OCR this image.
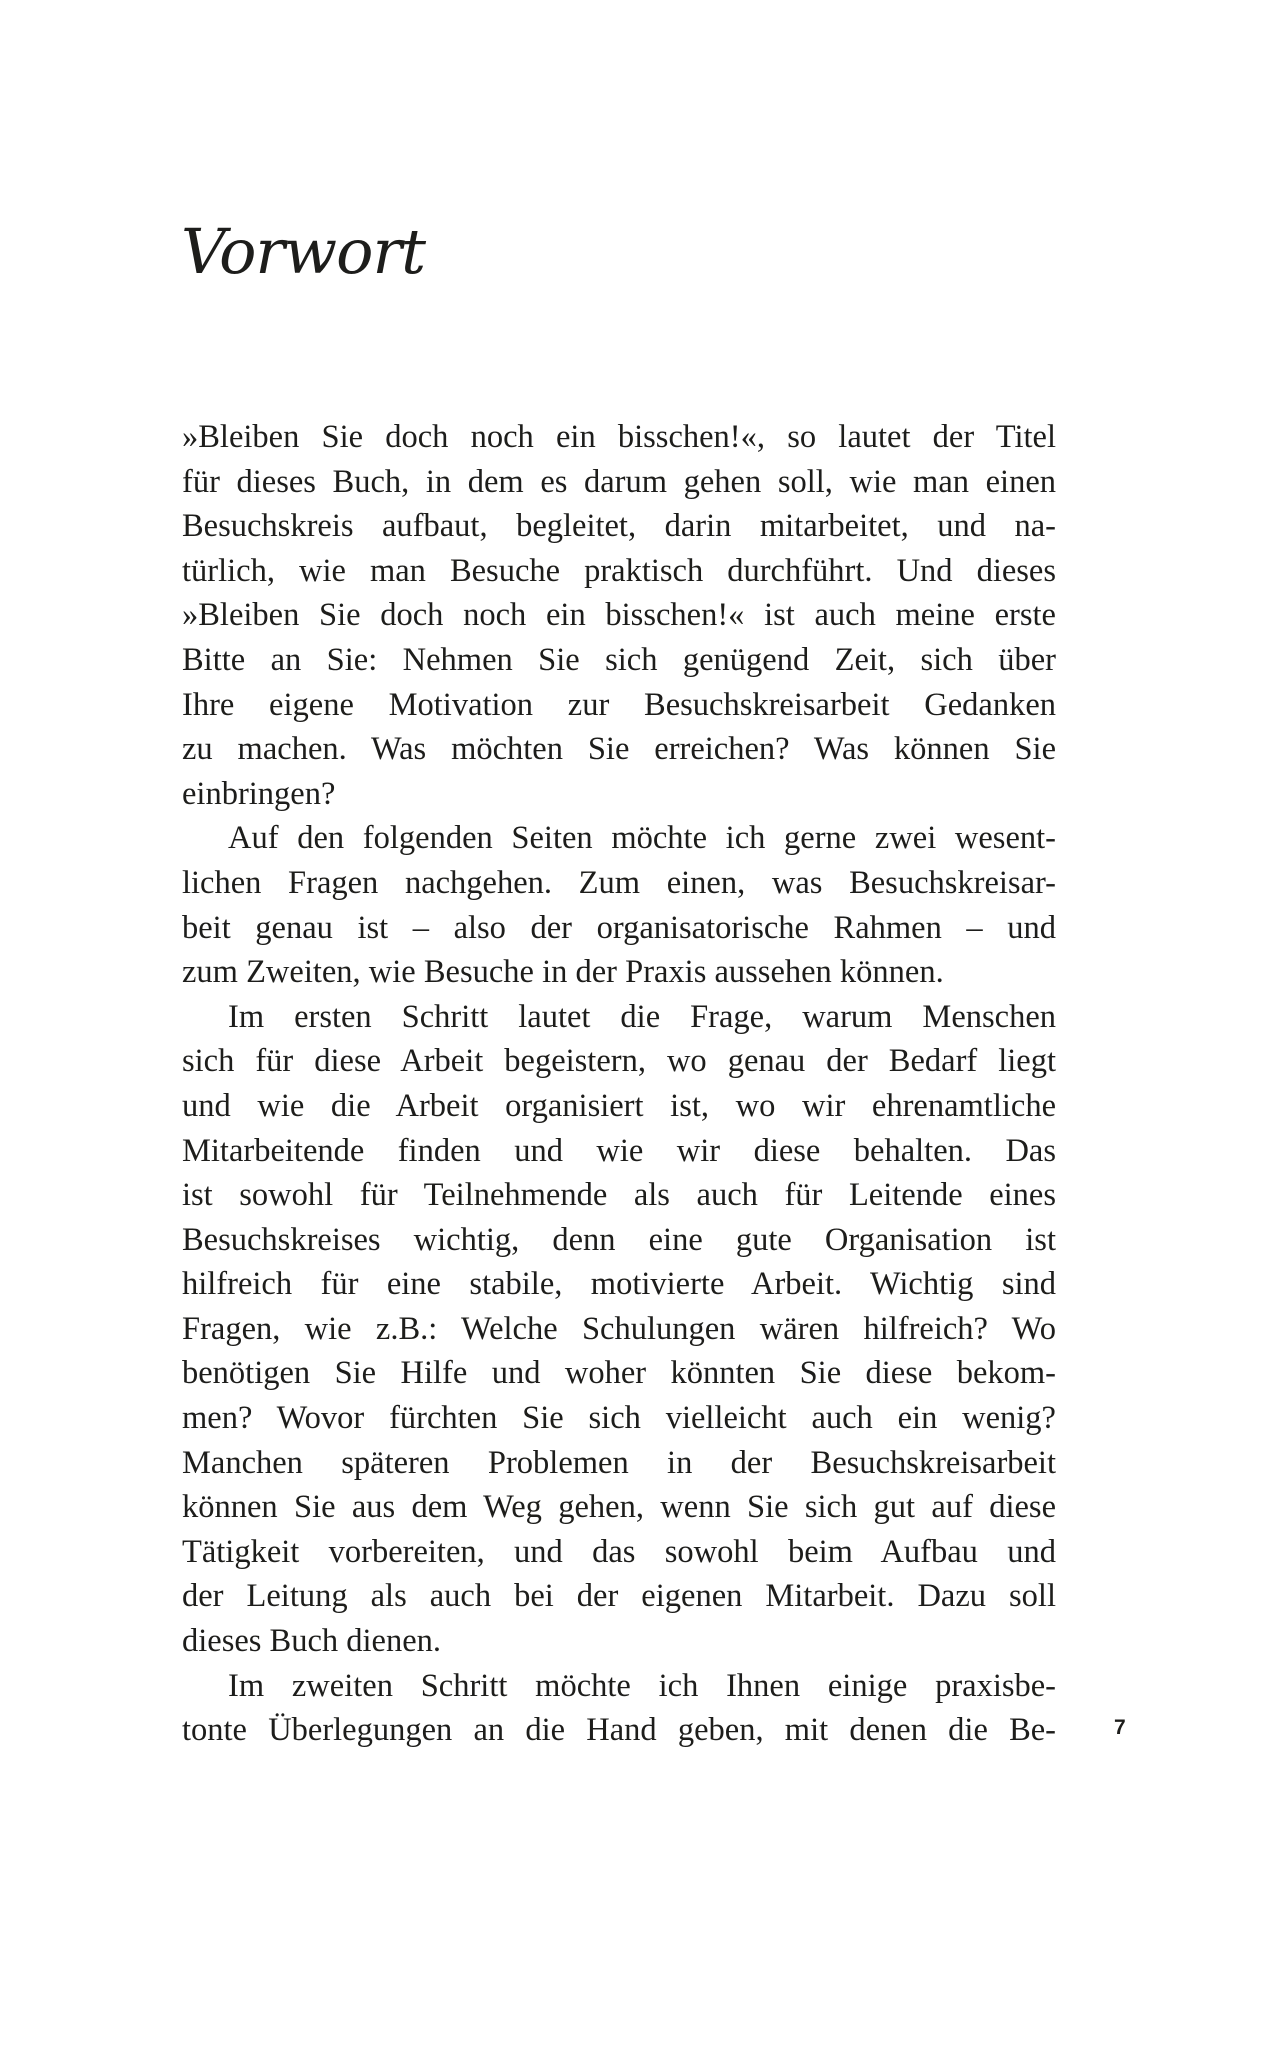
Vorwort
»Bleiben Sie doch noch ein bisschen!«, so lautet der Titel
für dieses Buch, in dem es darum gehen soll, wie man einen
Besuchskreis aufbaut, begleitet, darin mitarbeitet, und na-
türlich, wie man Besuche praktisch durchführt. Und dieses
»Bleiben Sie doch noch ein bisschen!« ist auch meine erste
Bitte an Sie: Nehmen Sie sich genügend Zeit, sich über
Ihre eigene Motivation zur Besuchskreisarbeit Gedanken
zu machen. Was möchten Sie erreichen? Was können Sie
einbringen?
Auf den folgenden Seiten möchte ich gerne zwei wesent-
lichen Fragen nachgehen. Zum einen, was Besuchskreisar-
beit genau ist – also der organisatorische Rahmen – und
zum Zweiten, wie Besuche in der Praxis aussehen können.
Im ersten Schritt lautet die Frage, warum Menschen
sich für diese Arbeit begeistern, wo genau der Bedarf liegt
und wie die Arbeit organisiert ist, wo wir ehrenamtliche
Mitarbeitende finden und wie wir diese behalten. Das
ist sowohl für Teilnehmende als auch für Leitende eines
Besuchskreises wichtig, denn eine gute Organisation ist
hilfreich für eine stabile, motivierte Arbeit. Wichtig sind
Fragen, wie z.B.: Welche Schulungen wären hilfreich? Wo
benötigen Sie Hilfe und woher könnten Sie diese bekom-
men? Wovor fürchten Sie sich vielleicht auch ein wenig?
Manchen späteren Problemen in der Besuchskreisarbeit
können Sie aus dem Weg gehen, wenn Sie sich gut auf diese
Tätigkeit vorbereiten, und das sowohl beim Aufbau und
der Leitung als auch bei der eigenen Mitarbeit. Dazu soll
dieses Buch dienen.
Im zweiten Schritt möchte ich Ihnen einige praxisbe-
tonte Überlegungen an die Hand geben, mit denen die Be-	7
